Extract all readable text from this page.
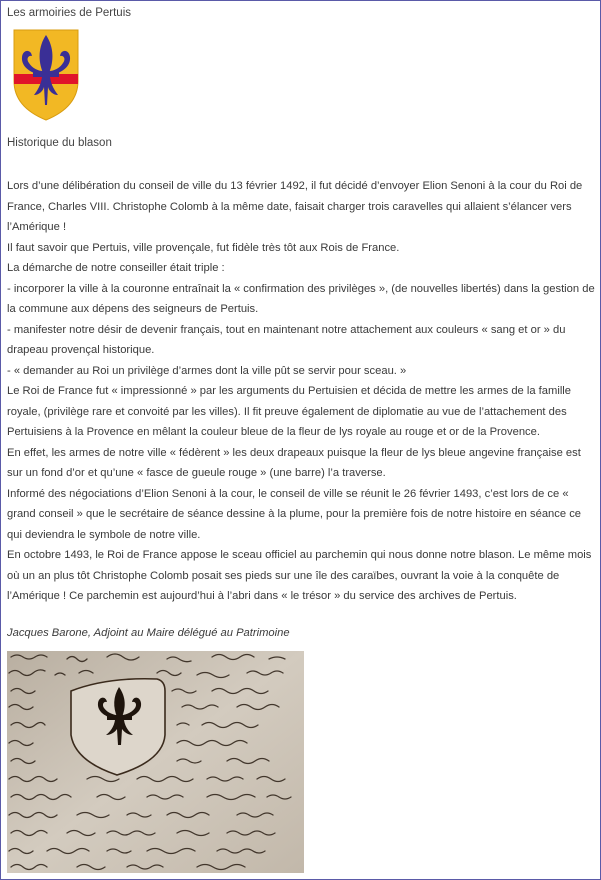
Les armoiries de Pertuis
Historique du blason

Lors d’une délibération du conseil de ville du 13 février 1492, il fut décidé d’envoyer Elion Senoni à la cour du Roi de France, Charles VIII. Christophe Colomb à la même date, faisait charger trois caravelles qui allaient s’élancer vers l’Amérique !

Il faut savoir que Pertuis, ville provençale, fut fidèle très tôt aux Rois de France.

La démarche de notre conseiller était triple :

- incorporer la ville à la couronne entraînait la « confirmation des privilèges », (de nouvelles libertés) dans la gestion de la commune aux dépens des seigneurs de Pertuis.

- manifester notre désir de devenir français, tout en maintenant notre attachement aux couleurs « sang et or » du drapeau provençal historique.

- « demander au Roi un privilège d’armes dont la ville pût se servir pour sceau. »

Le Roi de France fut « impressionné » par les arguments du Pertuisien et décida de mettre les armes de la famille royale, (privilège rare et convoité par les villes). Il fit preuve également de diplomatie au vue de l’attachement des Pertuisiens à la Provence en mêlant la couleur bleue de la fleur de lys royale au rouge et or de la Provence.

En effet, les armes de notre ville « fédèrent » les deux drapeaux puisque la fleur de lys bleue angevine française est sur un fond d’or et qu’une « fasce de gueule rouge » (une barre) l’a traverse.

Informé des négociations d’Elion Senoni à la cour, le conseil de ville se réunit le 26 février 1493, c’est lors de ce « grand conseil » que le secrétaire de séance dessine à la plume, pour la première fois de notre histoire en séance ce qui deviendra le symbole de notre ville.

En octobre 1493, le Roi de France appose le sceau officiel au parchemin qui nous donne notre blason. Le même mois où un an plus tôt Christophe Colomb posait ses pieds sur une île des caraïbes, ouvrant la voie à la conquête de l’Amérique ! Ce parchemin est aujourd’hui à l’abri dans « le trésor » du service des archives de Pertuis.

Jacques Barone, Adjoint au Maire délégué au Patrimoine
